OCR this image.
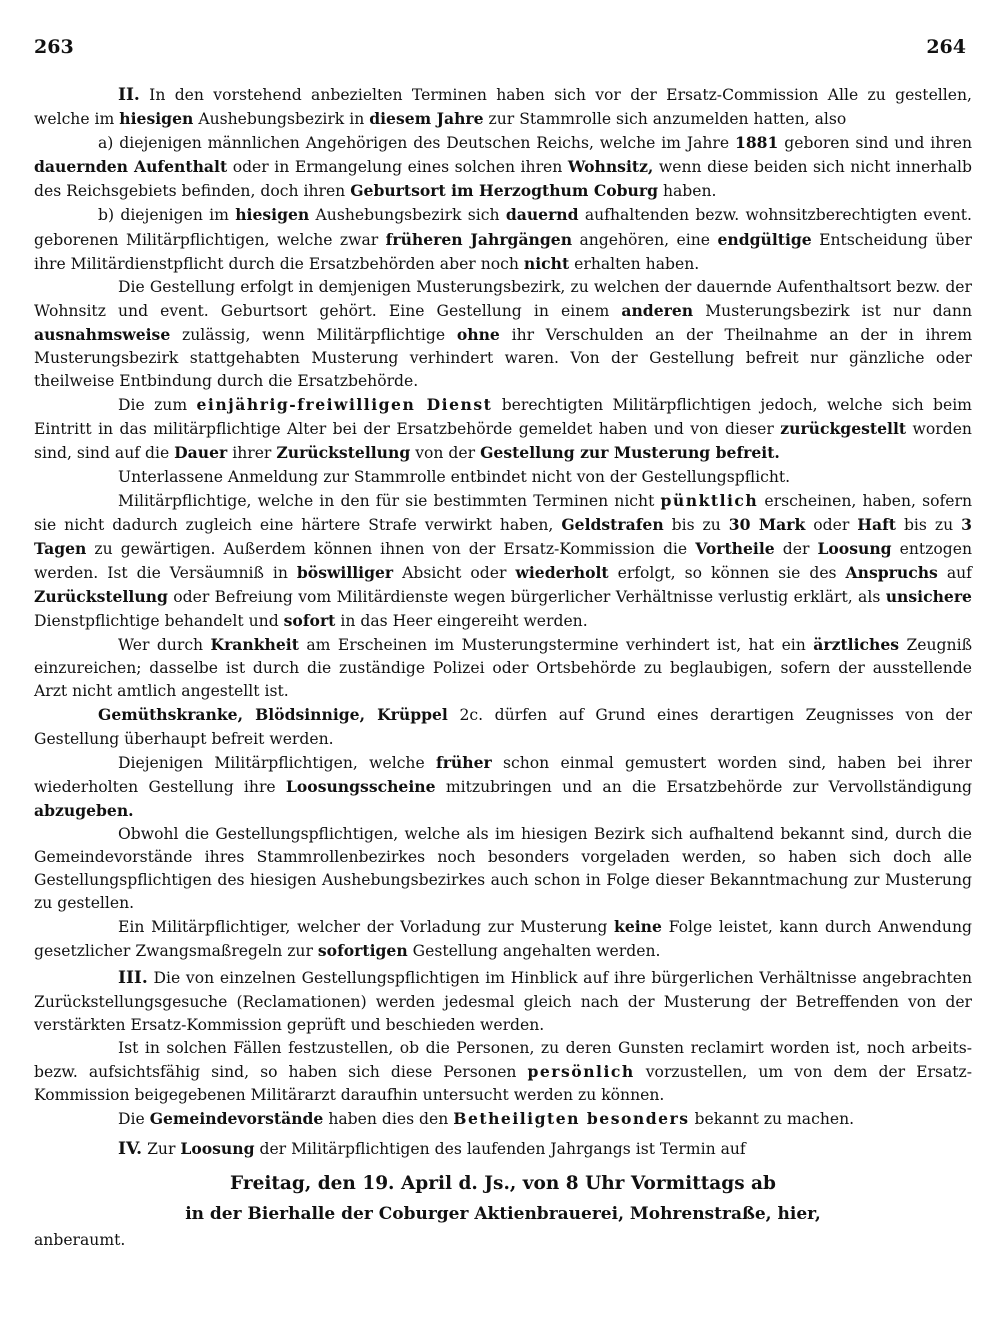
263	264

II. In den vorstehend anbezielten Terminen haben sich vor der Ersatz-Commission Alle zu gestellen, welche im hiesigen Aushebungsbezirk in diesem Jahre zur Stammrolle sich anzumelden hatten, also

a) diejenigen männlichen Angehörigen des Deutschen Reichs, welche im Jahre 1881 geboren sind und ihren dauernden Aufenthalt oder in Ermangelung eines solchen ihren Wohnsitz, wenn diese beiden sich nicht innerhalb des Reichsgebiets befinden, doch ihren Geburtsort im Herzogthum Coburg haben.

b) diejenigen im hiesigen Aushebungsbezirk sich dauernd aufhaltenden bezw. wohnsitzberechtigten event. geborenen Militärpflichtigen, welche zwar früheren Jahrgängen angehören, eine endgültige Entscheidung über ihre Militärdienstpflicht durch die Ersatzbehörden aber noch nicht erhalten haben.

Die Gestellung erfolgt in demjenigen Musterungsbezirk, zu welchen der dauernde Aufenthaltsort bezw. der Wohnsitz und event. Geburtsort gehört. Eine Gestellung in einem anderen Musterungsbezirk ist nur dann ausnahmsweise zulässig, wenn Militärpflichtige ohne ihr Verschulden an der Theilnahme an der in ihrem Musterungsbezirk stattgehabten Musterung verhindert waren. Von der Gestellung befreit nur gänzliche oder theilweise Entbindung durch die Ersatzbehörde.

Die zum einjährig-freiwilligen Dienst berechtigten Militärpflichtigen jedoch, welche sich beim Eintritt in das militärpflichtige Alter bei der Ersatzbehörde gemeldet haben und von dieser zurückgestellt worden sind, sind auf die Dauer ihrer Zurückstellung von der Gestellung zur Musterung befreit.

Unterlassene Anmeldung zur Stammrolle entbindet nicht von der Gestellungspflicht.

Militärpflichtige, welche in den für sie bestimmten Terminen nicht pünktlich erscheinen, haben, sofern sie nicht dadurch zugleich eine härtere Strafe verwirkt haben, Geldstrafen bis zu 30 Mark oder Haft bis zu 3 Tagen zu gewärtigen. Außerdem können ihnen von der Ersatz-Kommission die Vortheile der Loosung entzogen werden. Ist die Versäumniß in böswilliger Absicht oder wiederholt erfolgt, so können sie des Anspruchs auf Zurückstellung oder Befreiung vom Militärdienste wegen bürgerlicher Verhältnisse verlustig erklärt, als unsichere Dienstpflichtige behandelt und sofort in das Heer eingereiht werden.

Wer durch Krankheit am Erscheinen im Musterungstermine verhindert ist, hat ein ärztliches Zeugniß einzureichen; dasselbe ist durch die zuständige Polizei oder Ortsbehörde zu beglaubigen, sofern der ausstellende Arzt nicht amtlich angestellt ist.

Gemüthskranke, Blödsinnige, Krüppel 2c. dürfen auf Grund eines derartigen Zeugnisses von der Gestellung überhaupt befreit werden.

Diejenigen Militärpflichtigen, welche früher schon einmal gemustert worden sind, haben bei ihrer wiederholten Gestellung ihre Loosungsscheine mitzubringen und an die Ersatzbehörde zur Vervollständigung abzugeben.

Obwohl die Gestellungspflichtigen, welche als im hiesigen Bezirk sich aufhaltend bekannt sind, durch die Gemeindevorstände ihres Stammrollenbezirkes noch besonders vorgeladen werden, so haben sich doch alle Gestellungspflichtigen des hiesigen Aushebungsbezirkes auch schon in Folge dieser Bekanntmachung zur Musterung zu gestellen.

Ein Militärpflichtiger, welcher der Vorladung zur Musterung keine Folge leistet, kann durch Anwendung gesetzlicher Zwangsmaßregeln zur sofortigen Gestellung angehalten werden.

III. Die von einzelnen Gestellungspflichtigen im Hinblick auf ihre bürgerlichen Verhältnisse angebrachten Zurückstellungsgesuche (Reclamationen) werden jedesmal gleich nach der Musterung der Betreffenden von der verstärkten Ersatz-Kommission geprüft und beschieden werden.

Ist in solchen Fällen festzustellen, ob die Personen, zu deren Gunsten reclamirt worden ist, noch arbeits- bezw. aufsichtsfähig sind, so haben sich diese Personen persönlich vorzustellen, um von dem der Ersatz-Kommission beigegebenen Militärarzt daraufhin untersucht werden zu können.

Die Gemeindevorstände haben dies den Betheiligten besonders bekannt zu machen.

IV. Zur Loosung der Militärpflichtigen des laufenden Jahrgangs ist Termin auf

Freitag, den 19. April d. Js., von 8 Uhr Vormittags ab
in der Bierhalle der Coburger Aktienbrauerei, Mohrenstraße, hier,

anberaumt.
